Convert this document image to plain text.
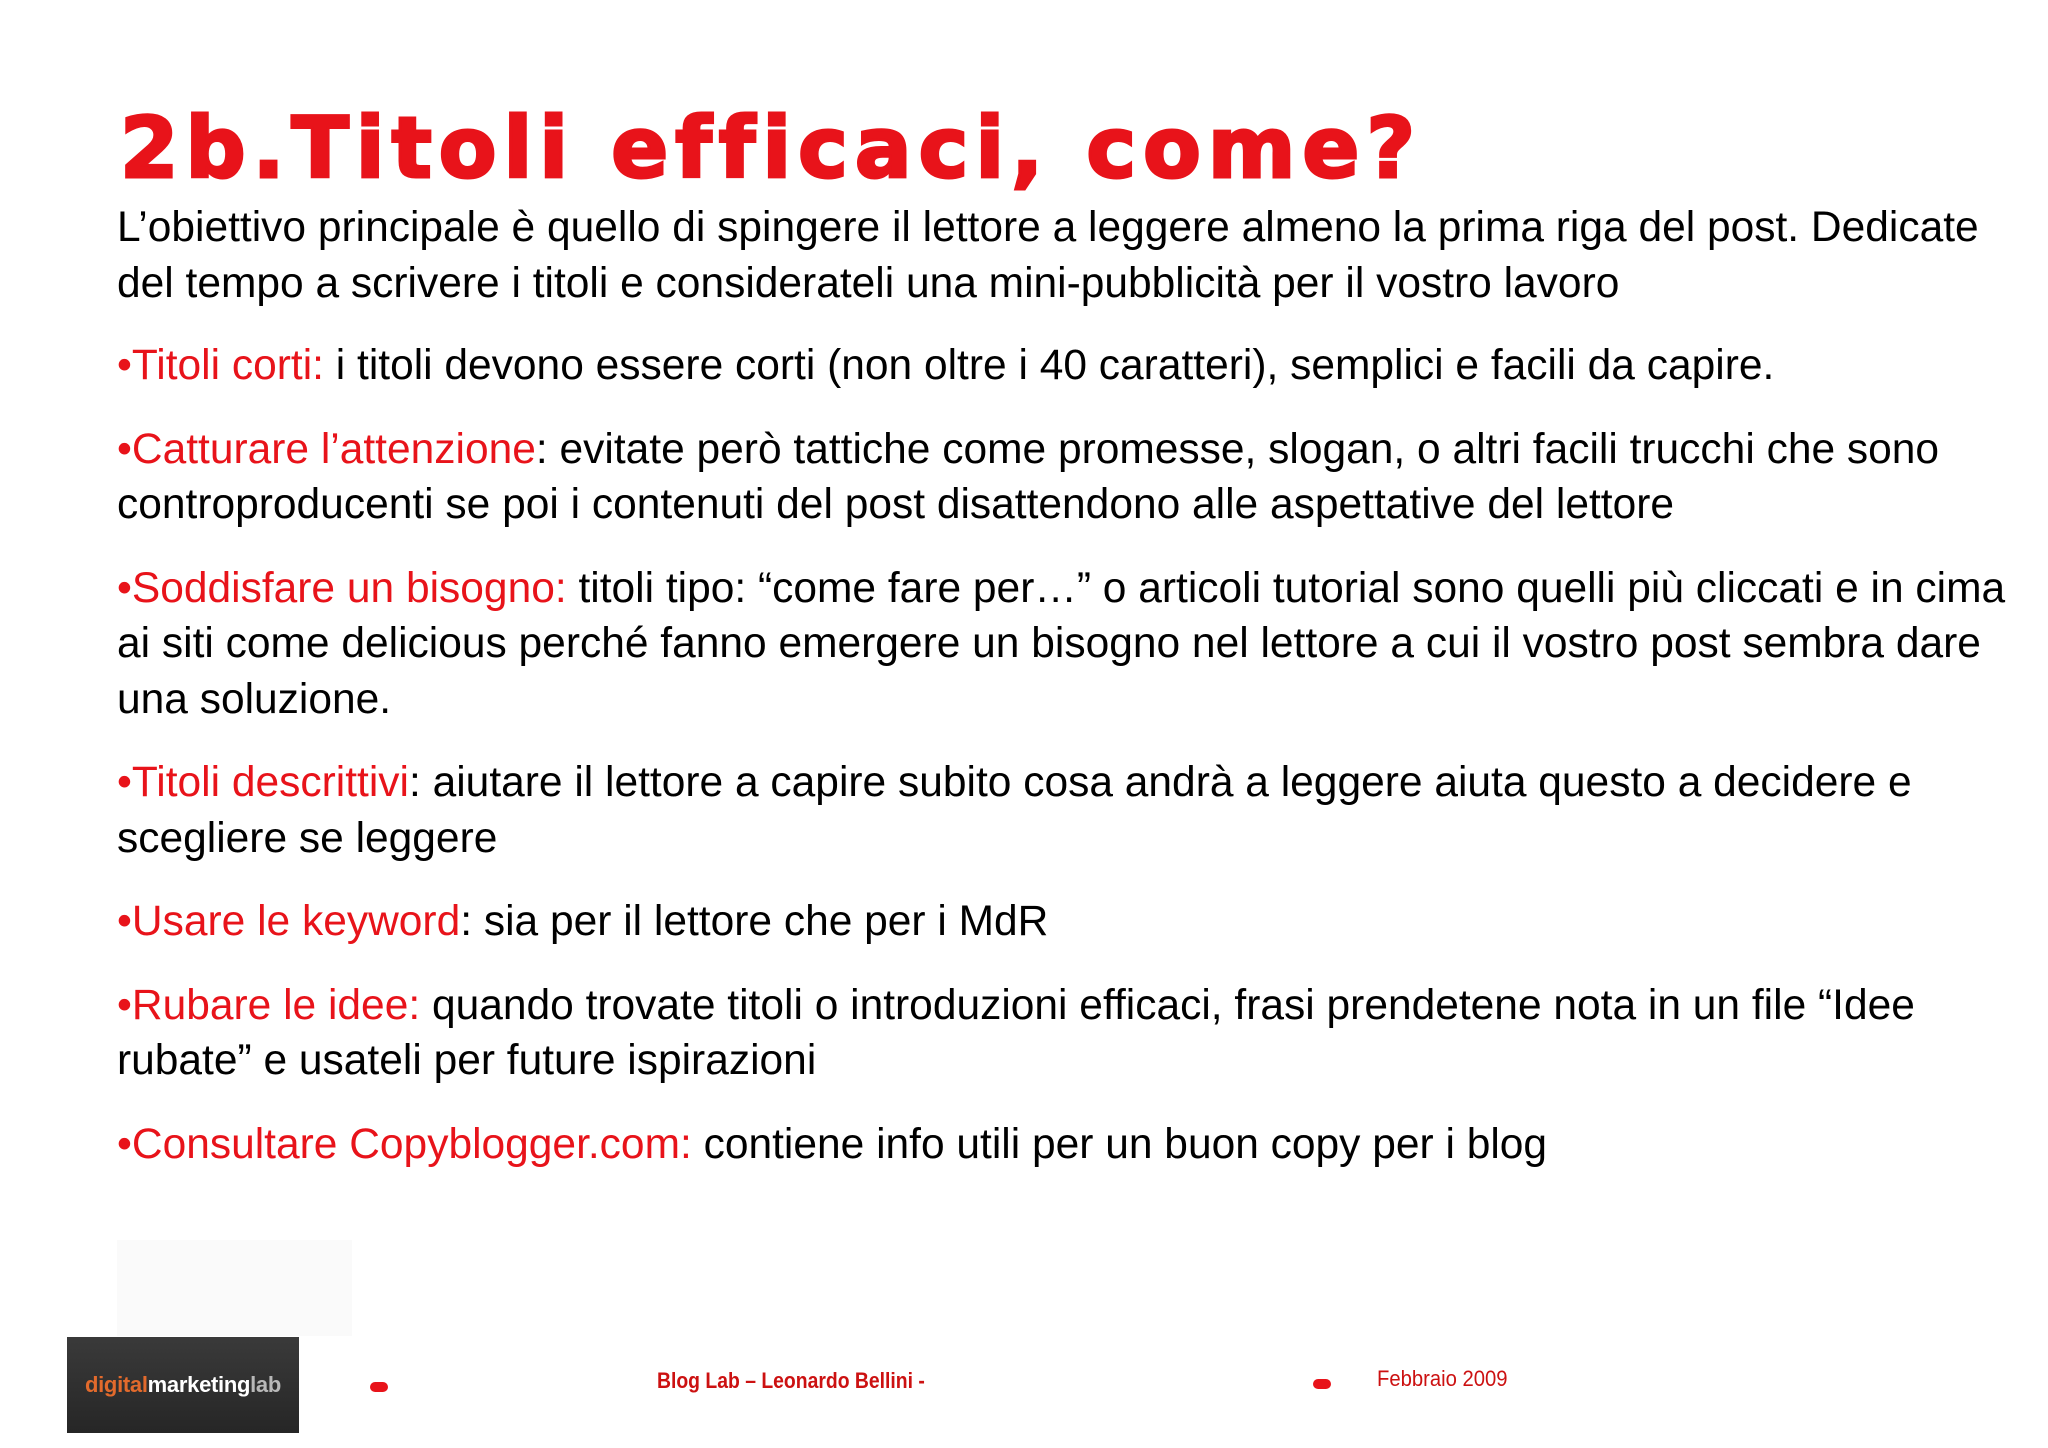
2b.Titoli efficaci, come?

L’obiettivo principale è quello di spingere il lettore a leggere almeno la prima riga del post. Dedicate del tempo a scrivere i titoli e considerateli una mini-pubblicità per il vostro lavoro

•Titoli corti: i titoli devono essere corti (non oltre i 40 caratteri), semplici e facili da capire.

•Catturare l’attenzione: evitate però tattiche come promesse, slogan, o altri facili trucchi che sono controproducenti se poi i contenuti del post disattendono alle aspettative del lettore

•Soddisfare un bisogno: titoli tipo: “come fare per…” o articoli tutorial sono quelli più cliccati e in cima ai siti come delicious perché fanno emergere un bisogno nel lettore a cui il vostro post sembra dare una soluzione.

•Titoli descrittivi: aiutare il lettore a capire subito cosa andrà a leggere aiuta questo a decidere e scegliere se leggere

•Usare le keyword: sia per il lettore che per i MdR

•Rubare le idee: quando trovate titoli o introduzioni efficaci, frasi prendetene nota in un file “Idee rubate” e usateli per future ispirazioni

•Consultare Copyblogger.com: contiene info utili per un buon copy per i blog

digital marketing lab	Blog Lab – Leonardo Bellini -	Febbraio 2009
